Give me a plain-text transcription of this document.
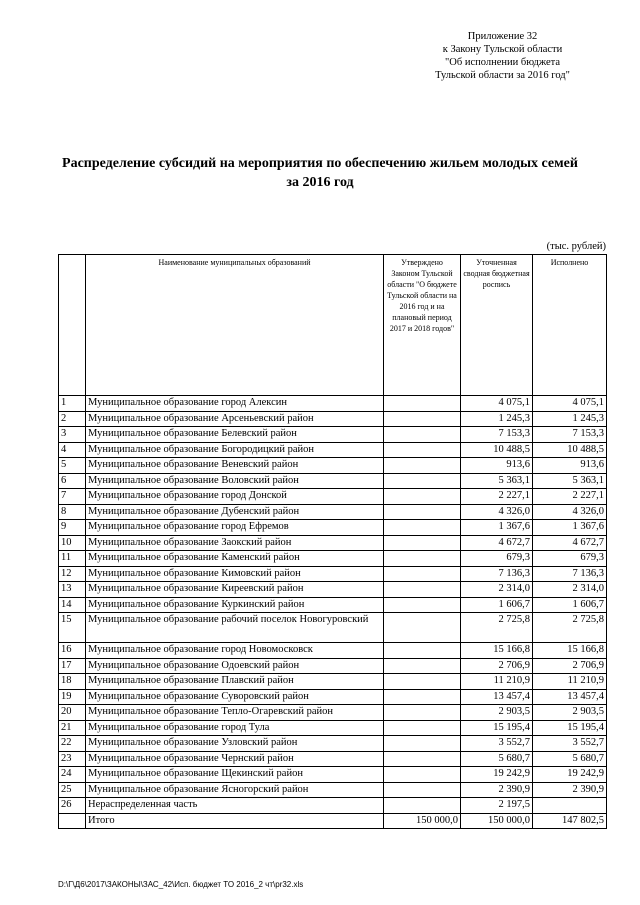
Приложение 32
к Закону Тульской области
"Об исполнении бюджета
Тульской области за 2016 год"
Распределение субсидий на мероприятия по обеспечению жильем молодых семей
за 2016 год
(тыс. рублей)
	Наименование муниципальных образований	Утверждено Законом Тульской области "О бюджете Тульской области на 2016 год и на плановый период 2017 и 2018 годов"	Уточненная сводная бюджетная роспись	Исполнено
1	Муниципальное образование город Алексин		4 075,1	4 075,1
2	Муниципальное образование Арсеньевский район		1 245,3	1 245,3
3	Муниципальное образование Белевский район		7 153,3	7 153,3
4	Муниципальное образование Богородицкий район		10 488,5	10 488,5
5	Муниципальное образование Веневский район		913,6	913,6
6	Муниципальное образование Воловский район		5 363,1	5 363,1
7	Муниципальное образование город Донской		2 227,1	2 227,1
8	Муниципальное образование Дубенский район		4 326,0	4 326,0
9	Муниципальное образование город Ефремов		1 367,6	1 367,6
10	Муниципальное образование Заокский район		4 672,7	4 672,7
11	Муниципальное образование Каменский район		679,3	679,3
12	Муниципальное образование Кимовский район		7 136,3	7 136,3
13	Муниципальное образование Киреевский район		2 314,0	2 314,0
14	Муниципальное образование Куркинский район		1 606,7	1 606,7
15	Муниципальное образование рабочий поселок Новогуровский		2 725,8	2 725,8
16	Муниципальное образование город Новомосковск		15 166,8	15 166,8
17	Муниципальное образование Одоевский район		2 706,9	2 706,9
18	Муниципальное образование Плавский район		11 210,9	11 210,9
19	Муниципальное образование Суворовский район		13 457,4	13 457,4
20	Муниципальное образование Тепло-Огаревский район		2 903,5	2 903,5
21	Муниципальное образование город Тула		15 195,4	15 195,4
22	Муниципальное образование Узловский район		3 552,7	3 552,7
23	Муниципальное образование Чернский район		5 680,7	5 680,7
24	Муниципальное образование Щекинский район		19 242,9	19 242,9
25	Муниципальное образование Ясногорский район		2 390,9	2 390,9
26	Нераспределенная часть		2 197,5	
	Итого	150 000,0	150 000,0	147 802,5
D:\Г\Д6\2017\ЗАКОНЫ\ЗАС_42\Исп. бюджет ТО 2016_2 чт\pr32.xls
